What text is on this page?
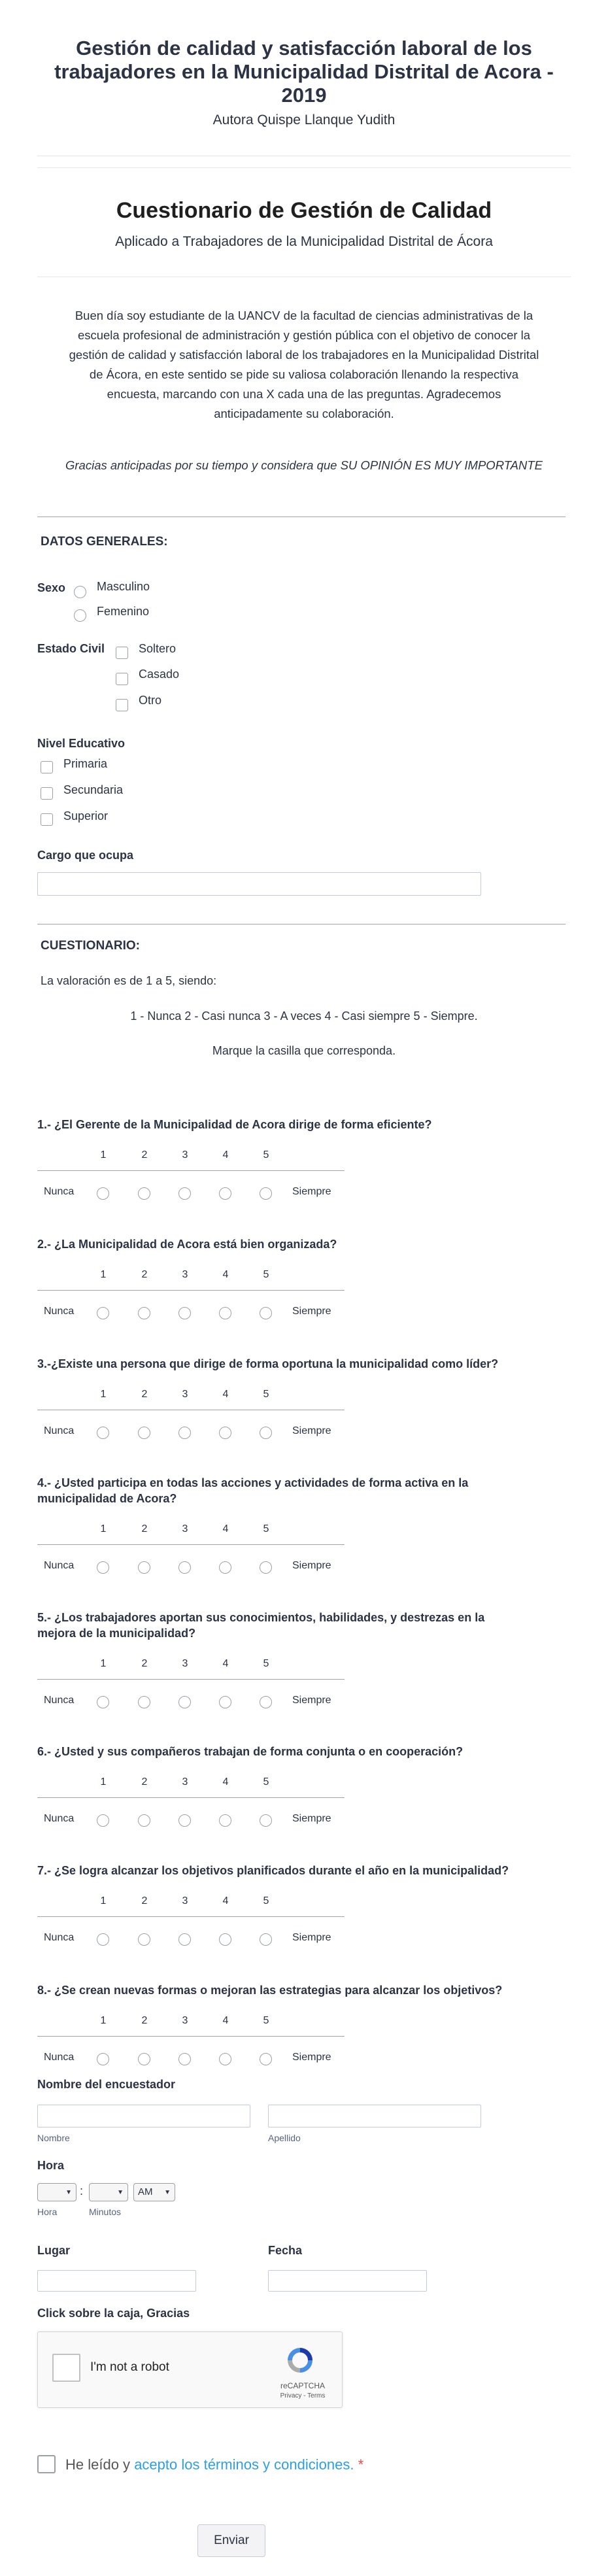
Gestión de calidad y satisfacción laboral de los
trabajadores en la Municipalidad Distrital de Acora -
2019
Autora Quispe Llanque Yudith
Cuestionario de Gestión de Calidad
Aplicado a Trabajadores de la Municipalidad Distrital de Ácora
Buen día soy estudiante de la UANCV de la facultad de ciencias administrativas de la
escuela profesional de administración y gestión pública con el objetivo de conocer la
gestión de calidad y satisfacción laboral de los trabajadores en la Municipalidad Distrital
de Ácora, en este sentido se pide su valiosa colaboración llenando la respectiva
encuesta, marcando con una X cada una de las preguntas. Agradecemos
anticipadamente su colaboración.
Gracias anticipadas por su tiempo y considera que SU OPINIÓN ES MUY IMPORTANTE
DATOS GENERALES:
Sexo	Masculino
Femenino
Estado Civil	Soltero
Casado
Otro
Nivel Educativo
Primaria
Secundaria
Superior
Cargo que ocupa
CUESTIONARIO:
La valoración es de 1 a 5, siendo:
1 - Nunca 2 - Casi nunca 3 - A veces 4 - Casi siempre 5 - Siempre.
Marque la casilla que corresponda.
1.- ¿El Gerente de la Municipalidad de Acora dirige de forma eficiente?
1	2	3	4	5
Nunca	Siempre
2.- ¿La Municipalidad de Acora está bien organizada?
1	2	3	4	5
Nunca	Siempre
3.-¿Existe una persona que dirige de forma oportuna la municipalidad como líder?
1	2	3	4	5
Nunca	Siempre
4.- ¿Usted participa en todas las acciones y actividades de forma activa en la
municipalidad de Acora?
1	2	3	4	5
Nunca	Siempre
5.- ¿Los trabajadores aportan sus conocimientos, habilidades, y destrezas en la
mejora de la municipalidad?
1	2	3	4	5
Nunca	Siempre
6.- ¿Usted y sus compañeros trabajan de forma conjunta o en cooperación?
1	2	3	4	5
Nunca	Siempre
7.- ¿Se logra alcanzar los objetivos planificados durante el año en la municipalidad?
1	2	3	4	5
Nunca	Siempre
8.- ¿Se crean nuevas formas o mejoran las estrategias para alcanzar los objetivos?
1	2	3	4	5
Nunca	Siempre
Nombre del encuestador
Nombre	Apellido
Hora
▼ :	▼	AM ▼
Hora	Minutos
Lugar	Fecha
Click sobre la caja, Gracias
I'm not a robot
reCAPTCHA
Privacy - Terms
He leído y acepto los términos y condiciones. *
Enviar
